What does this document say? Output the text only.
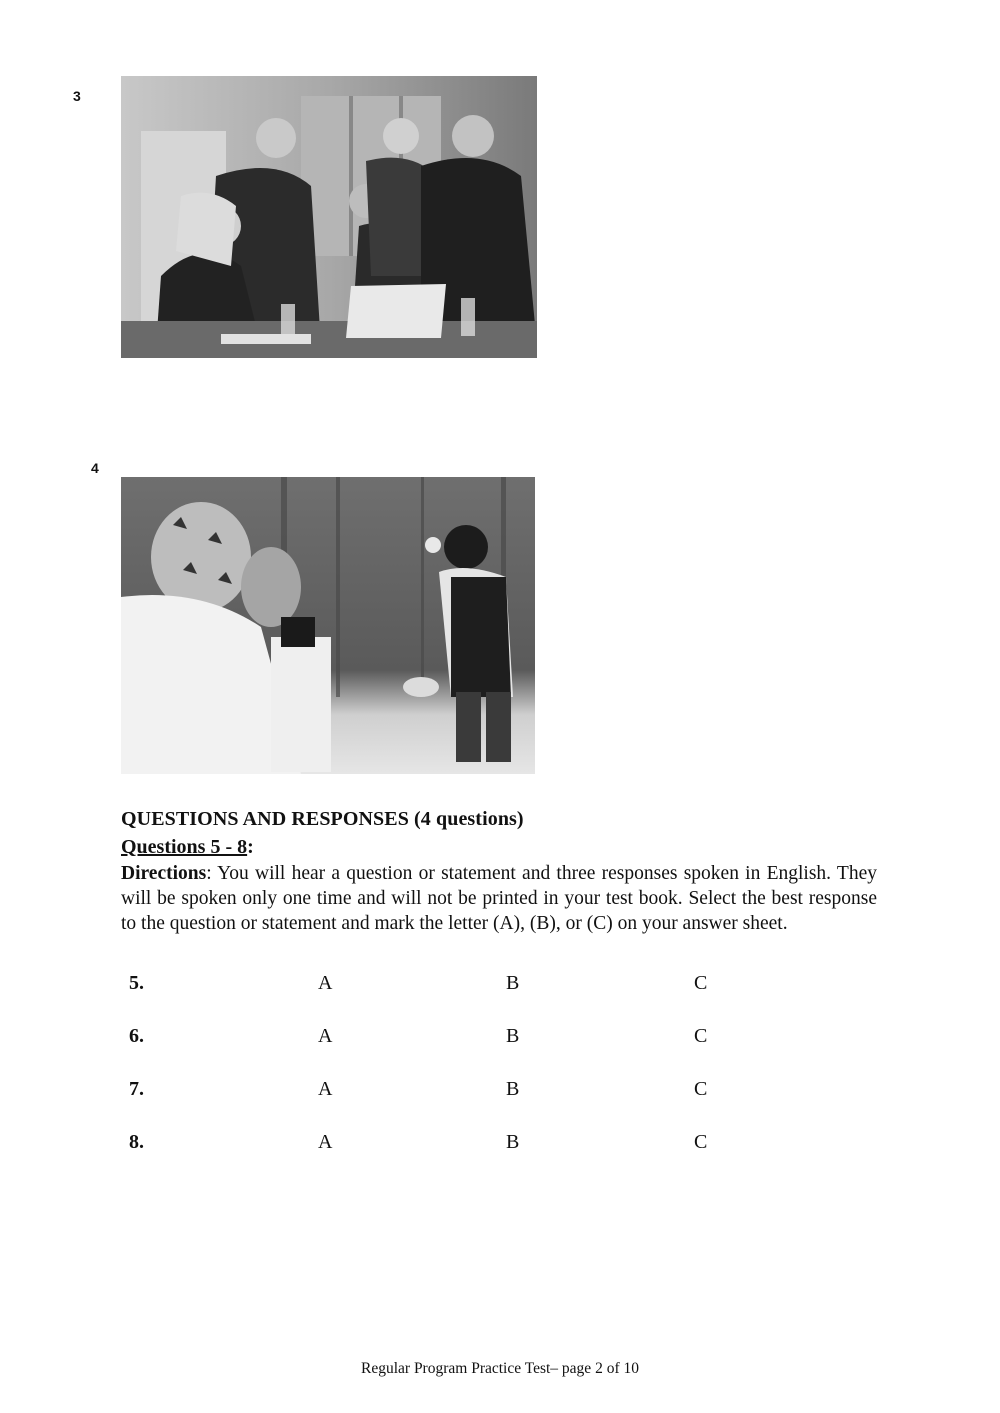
3
4
QUESTIONS AND RESPONSES (4 questions)
Questions 5 - 8:
Directions: You will hear a question or statement and three responses spoken in English. They will be spoken only one time and will not be printed in your test book. Select the best response to the question or statement and mark the letter (A), (B), or (C) on your answer sheet.
5.	A	B	C
6.	A	B	C
7.	A	B	C
8.	A	B	C
Regular Program Practice Test– page 2 of 10
